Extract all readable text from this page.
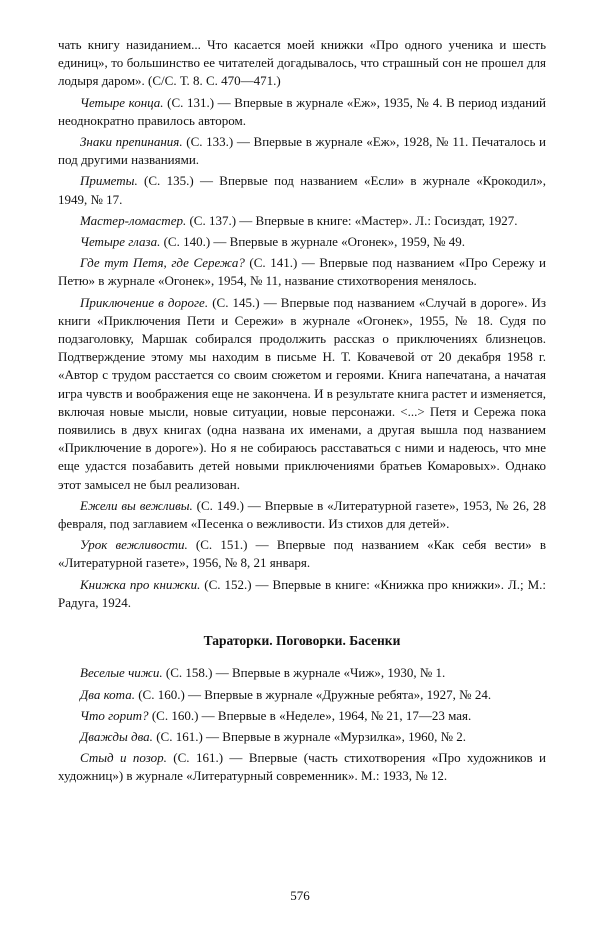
чать книгу назиданием... Что касается моей книжки «Про одного ученика и шесть единиц», то большинство ее читателей догадывалось, что страшный сон не прошел для лодыря даром». (С/С. Т. 8. С. 470—471.)

Четыре конца. (С. 131.) — Впервые в журнале «Еж», 1935, № 4. В период изданий неоднократно правилось автором.

Знаки препинания. (С. 133.) — Впервые в журнале «Еж», 1928, № 11. Печаталось и под другими названиями.

Приметы. (С. 135.) — Впервые под названием «Если» в журнале «Крокодил», 1949, № 17.

Мастер-ломастер. (С. 137.) — Впервые в книге: «Мастер». Л.: Госиздат, 1927.

Четыре глаза. (С. 140.) — Впервые в журнале «Огонек», 1959, № 49.

Где тут Петя, где Сережа? (С. 141.) — Впервые под названием «Про Сережу и Петю» в журнале «Огонек», 1954, № 11, название стихотворения менялось.

Приключение в дороге. (С. 145.) — Впервые под названием «Случай в дороге». Из книги «Приключения Пети и Сережи» в журнале «Огонек», 1955, № 18. Судя по подзаголовку, Маршак собирался продолжить рассказ о приключениях близнецов. Подтверждение этому мы находим в письме Н. Т. Ковачевой от 20 декабря 1958 г. «Автор с трудом расстается со своим сюжетом и героями. Книга напечатана, а начатая игра чувств и воображения еще не закончена. И в результате книга растет и изменяется, включая новые мысли, новые ситуации, новые персонажи. <...> Петя и Сережа пока появились в двух книгах (одна названа их именами, а другая вышла под названием «Приключение в дороге»). Но я не собираюсь расставаться с ними и надеюсь, что мне еще удастся позабавить детей новыми приключениями братьев Комаровых». Однако этот замысел не был реализован.

Ежели вы вежливы. (С. 149.) — Впервые в «Литературной газете», 1953, № 26, 28 февраля, под заглавием «Песенка о вежливости. Из стихов для детей».

Урок вежливости. (С. 151.) — Впервые под названием «Как себя вести» в «Литературной газете», 1956, № 8, 21 января.

Книжка про книжки. (С. 152.) — Впервые в книге: «Книжка про книжки». Л.; М.: Радуга, 1924.

Тараторки. Поговорки. Басенки

Веселые чижи. (С. 158.) — Впервые в журнале «Чиж», 1930, № 1.

Два кота. (С. 160.) — Впервые в журнале «Дружные ребята», 1927, № 24.

Что горит? (С. 160.) — Впервые в «Неделе», 1964, № 21, 17—23 мая.

Дважды два. (С. 161.) — Впервые в журнале «Мурзилка», 1960, № 2.

Стыд и позор. (С. 161.) — Впервые (часть стихотворения «Про художников и художниц») в журнале «Литературный современник». М.: 1933, № 12.

576
